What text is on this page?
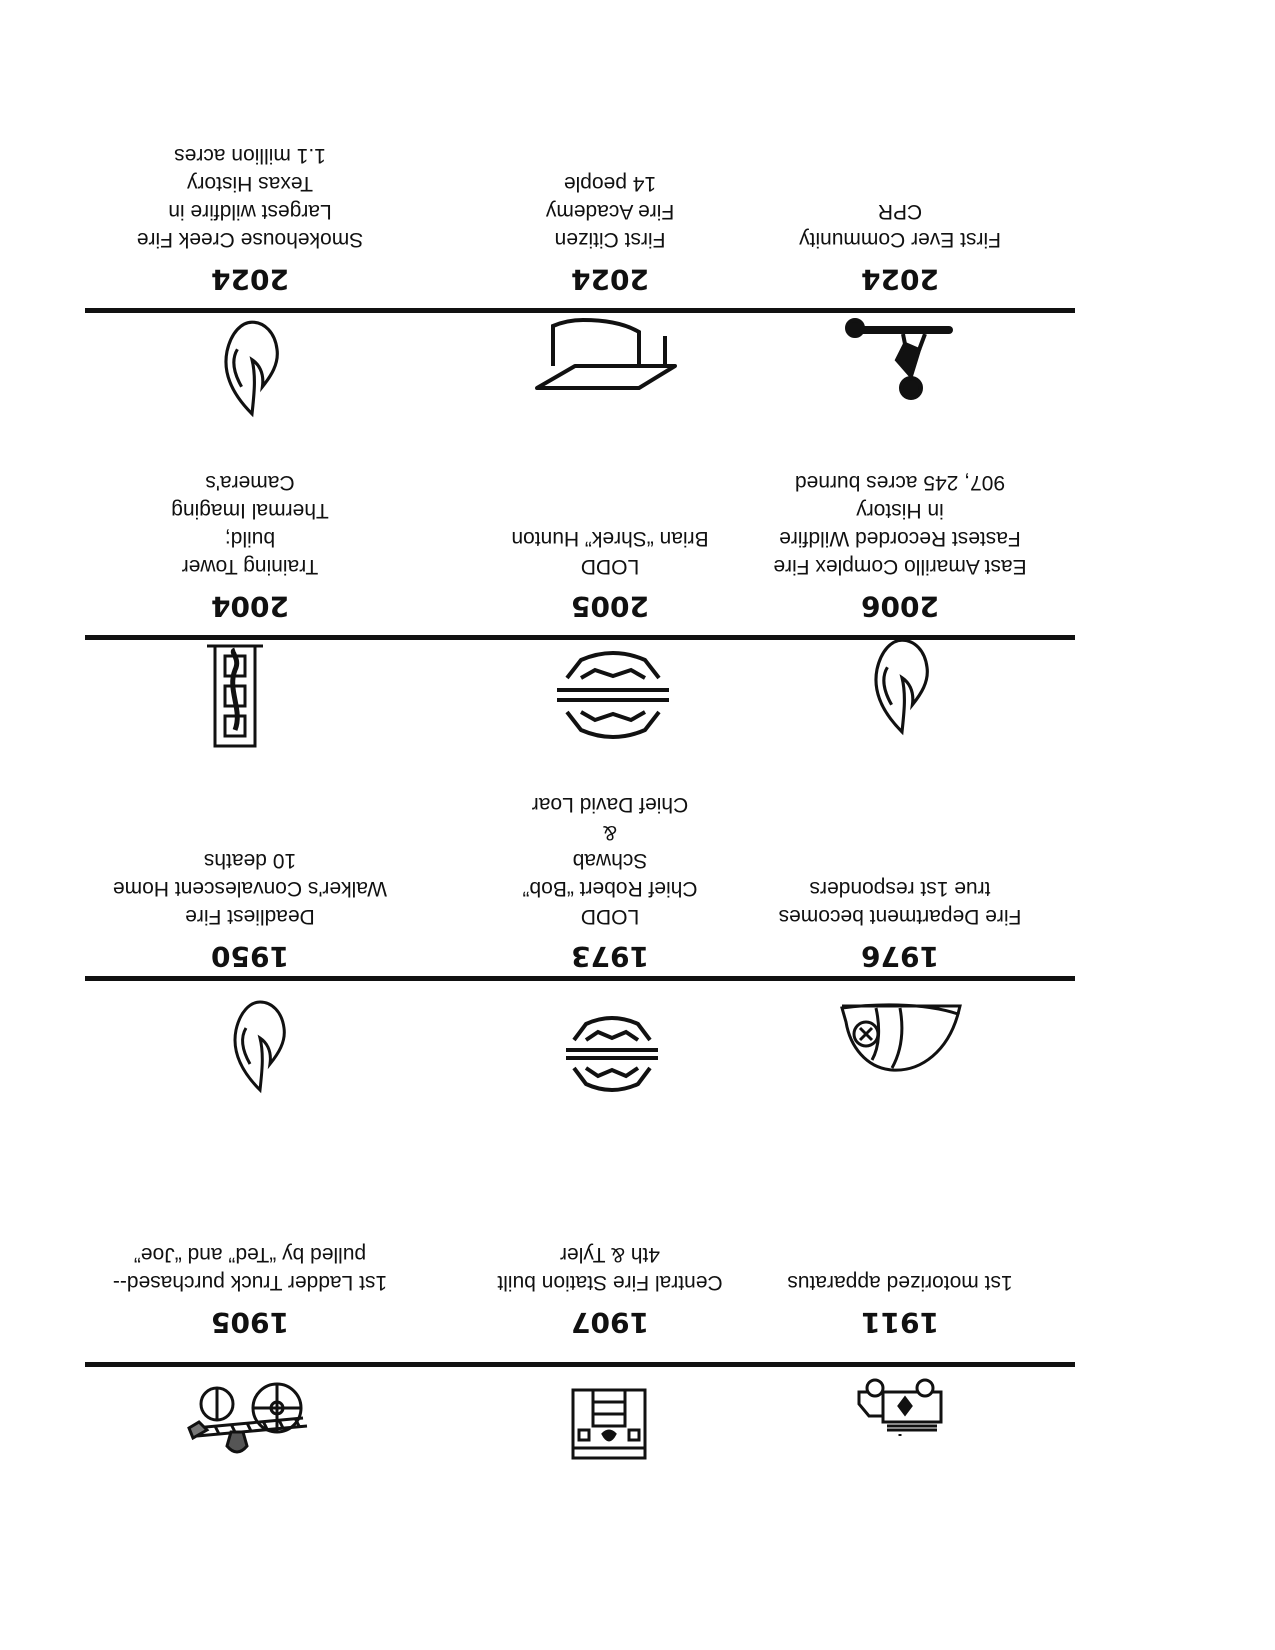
1905
1st Ladder Truck purchased--
pulled by “Ted” and “Joe”
1907
Central Fire Station built
4th & Tyler
1911
1st motorized apparatus
1950
Deadliest Fire
Walker's Convalescent Home
10 deaths
1973
LODD
Chief Robert “Bob”
Schwab
&
Chief David Loar
1976
Fire Department becomes
true 1st responders
2004
Training Tower
build;
Thermal Imaging
Camera's
2005
LODD
Brian “Shrek” Hunton
2006
East Amarillo Complex Fire
Fastest Recorded Wildfire
in History
907, 245 acres burned
2024
Smokehouse Creek Fire
Largest wildfire in
Texas History
1.1 million acres
2024
First Citizen
Fire Academy
14 people
2024
First Ever Community
CPR
